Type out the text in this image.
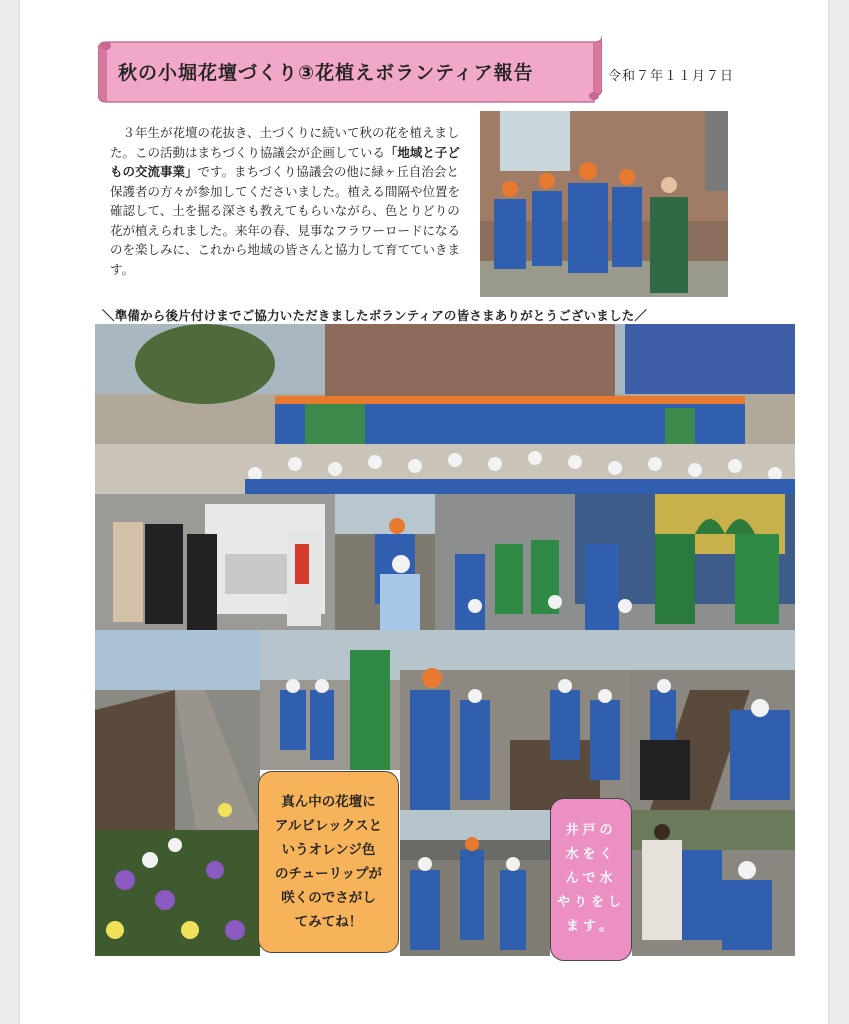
秋の小堀花壇づくり③花植えボランティア報告	令和７年１１月７日
　３年生が花壇の花抜き、土づくりに続いて秋の花を植えました。この活動はまちづくり協議会が企画している「地域と子どもの交流事業」です。まちづくり協議会の他に緑ヶ丘自治会と保護者の方々が参加してくださいました。植える間隔や位置を確認して、土を掘る深さも教えてもらいながら、色とりどりの花が植えられました。来年の春、見事なフラワーロードになるのを楽しみに、これから地域の皆さんと協力して育てていきます。
＼準備から後片付けまでご協力いただきましたボランティアの皆さまありがとうございました／
真ん中の花壇に
アルビレックスと
いうオレンジ色
のチューリップが
咲くのでさがし
てみてね！
井戸の
水をく
んで水
やりをし
ます。
